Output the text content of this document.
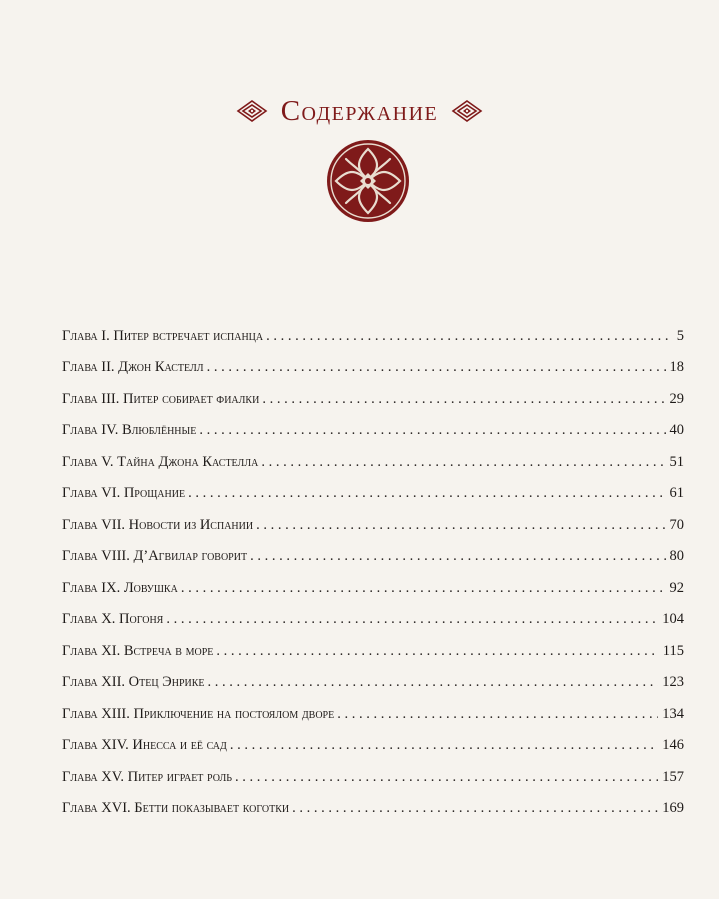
Содержание
Глава I. Питер встречает испанца . . .	5
Глава II. Джон Кастелл . . .	18
Глава III. Питер собирает фиалки . . .	29
Глава IV. Влюблённые . . .	40
Глава V. Тайна Джона Кастелла . . .	51
Глава VI. Прощание . . .	61
Глава VII. Новости из Испании . . .	70
Глава VIII. Д’Агвилар говорит . . .	80
Глава IX. Ловушка . . .	92
Глава X. Погоня . . .	104
Глава XI. Встреча в море . . .	115
Глава XII. Отец Энрике . . .	123
Глава XIII. Приключение на постоялом дворе . . .	134
Глава XIV. Инесса и её сад . . .	146
Глава XV. Питер играет роль . . .	157
Глава XVI. Бетти показывает коготки . . .	169
